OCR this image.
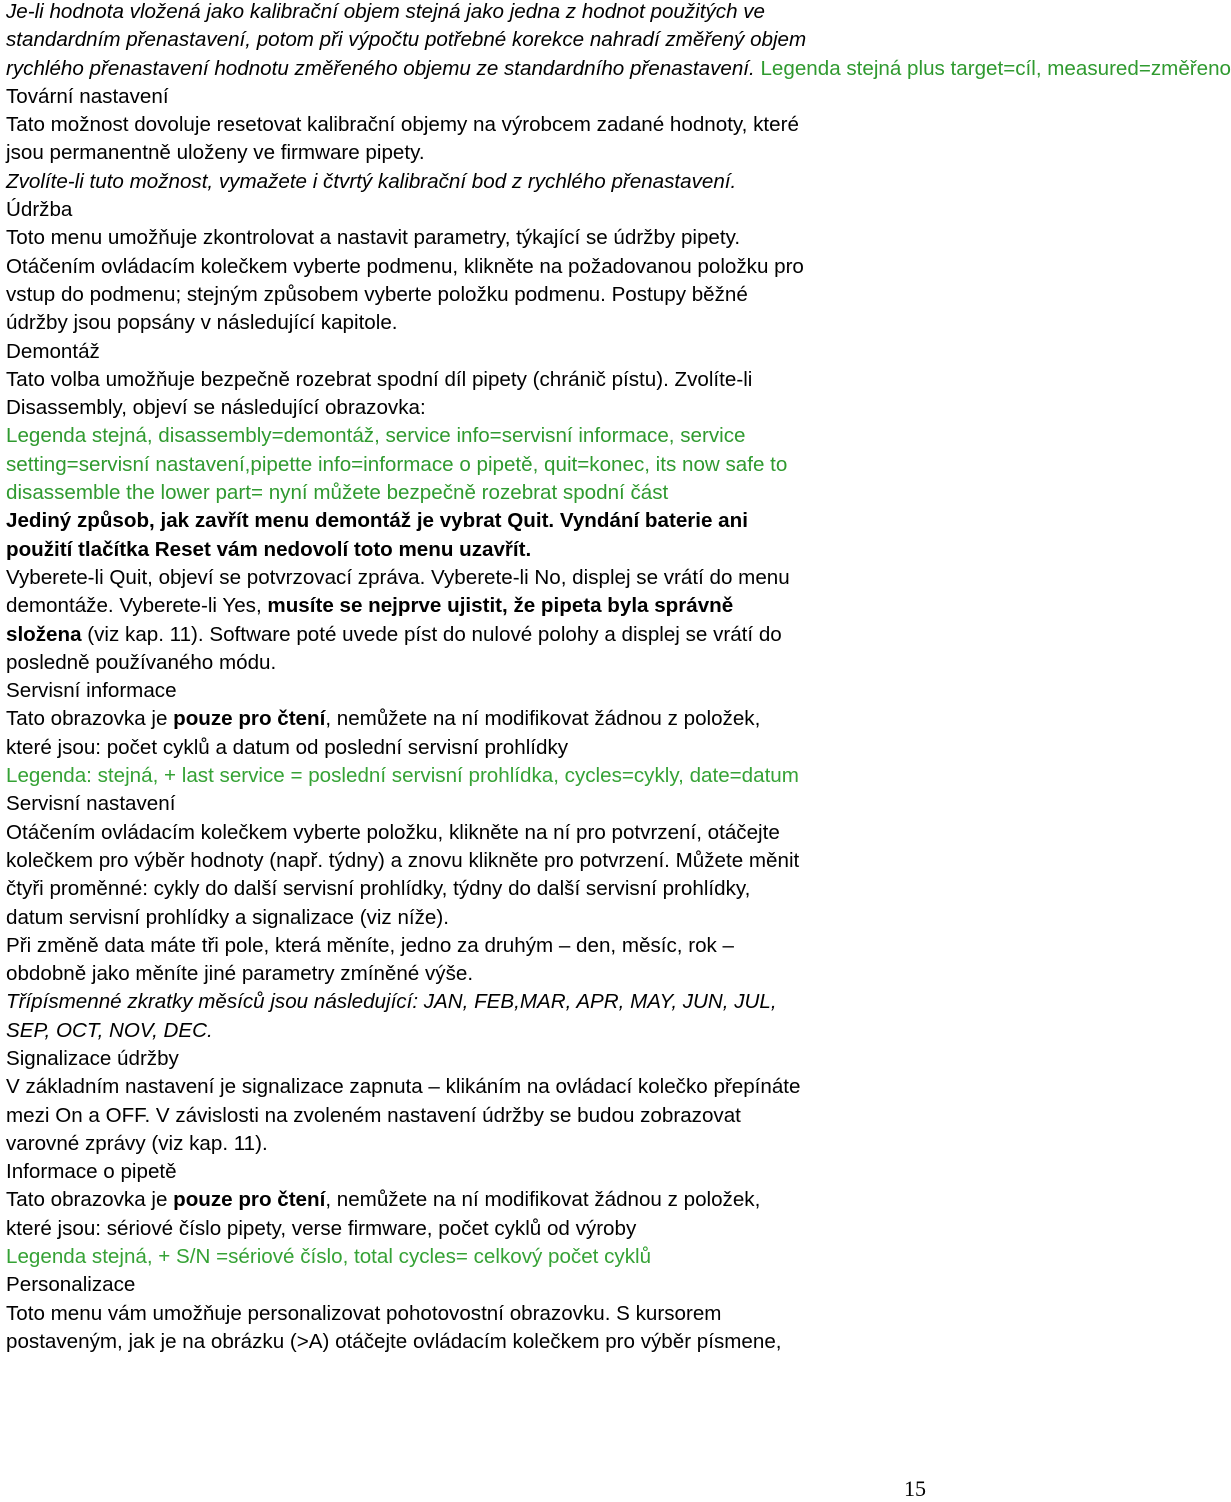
Je-li hodnota vložená jako kalibrační objem stejná jako jedna z hodnot použitých ve
standardním přenastavení, potom při výpočtu potřebné korekce nahradí změřený objem
rychlého přenastavení hodnotu změřeného objemu ze standardního přenastavení. Legenda stejná plus target=cíl, measured=změřeno
Tovární nastavení
Tato možnost dovoluje resetovat kalibrační objemy na výrobcem zadané hodnoty, které
jsou permanentně uloženy ve firmware pipety.
Zvolíte-li tuto možnost, vymažete i čtvrtý kalibrační bod z rychlého přenastavení.
Údržba
Toto menu umožňuje zkontrolovat a nastavit parametry, týkající se údržby pipety.
Otáčením ovládacím kolečkem vyberte podmenu, klikněte na požadovanou položku pro
vstup do podmenu; stejným způsobem vyberte položku podmenu. Postupy běžné
údržby jsou popsány v následující kapitole.
Demontáž
Tato volba umožňuje bezpečně rozebrat spodní díl pipety (chránič pístu). Zvolíte-li
Disassembly, objeví se následující obrazovka:
Legenda stejná, disassembly=demontáž, service info=servisní informace, service
setting=servisní nastavení,pipette info=informace o pipetě, quit=konec, its now safe to
disassemble the lower part= nyní můžete bezpečně rozebrat spodní část
Jediný způsob, jak zavřít menu demontáž je vybrat Quit. Vyndání baterie ani
použití tlačítka Reset vám nedovolí toto menu uzavřít.
Vyberete-li Quit, objeví se potvrzovací zpráva. Vyberete-li No, displej se vrátí do menu
demontáže. Vyberete-li Yes, musíte se nejprve ujistit, že pipeta byla správně
složena (viz kap. 11). Software poté uvede píst do nulové polohy a displej se vrátí do
posledně používaného módu.
Servisní informace
Tato obrazovka je pouze pro čtení, nemůžete na ní modifikovat žádnou z položek,
které jsou: počet cyklů a datum od poslední servisní prohlídky
Legenda: stejná, + last service = poslední servisní prohlídka, cycles=cykly, date=datum
Servisní nastavení
Otáčením ovládacím kolečkem vyberte položku, klikněte na ní pro potvrzení, otáčejte
kolečkem pro výběr hodnoty (např. týdny) a znovu klikněte pro potvrzení. Můžete měnit
čtyři proměnné: cykly do další servisní prohlídky, týdny do další servisní prohlídky,
datum servisní prohlídky a signalizace (viz níže).
Při změně data máte tři pole, která měníte, jedno za druhým – den, měsíc, rok –
obdobně jako měníte jiné parametry zmíněné výše.
Třípísmenné zkratky měsíců jsou následující: JAN, FEB,MAR, APR, MAY, JUN, JUL,
SEP, OCT, NOV, DEC.
Signalizace údržby
V základním nastavení je signalizace zapnuta – klikáním na ovládací kolečko přepínáte
mezi On a OFF. V závislosti na zvoleném nastavení údržby se budou zobrazovat
varovné zprávy (viz kap. 11).
Informace o pipetě
Tato obrazovka je pouze pro čtení, nemůžete na ní modifikovat žádnou z položek,
které jsou: sériové číslo pipety, verse firmware, počet cyklů od výroby
Legenda stejná, + S/N =sériové číslo, total cycles= celkový počet cyklů
Personalizace
Toto menu vám umožňuje personalizovat pohotovostní obrazovku. S kursorem
postaveným, jak je na obrázku (>A) otáčejte ovládacím kolečkem pro výběr písmene,
15
